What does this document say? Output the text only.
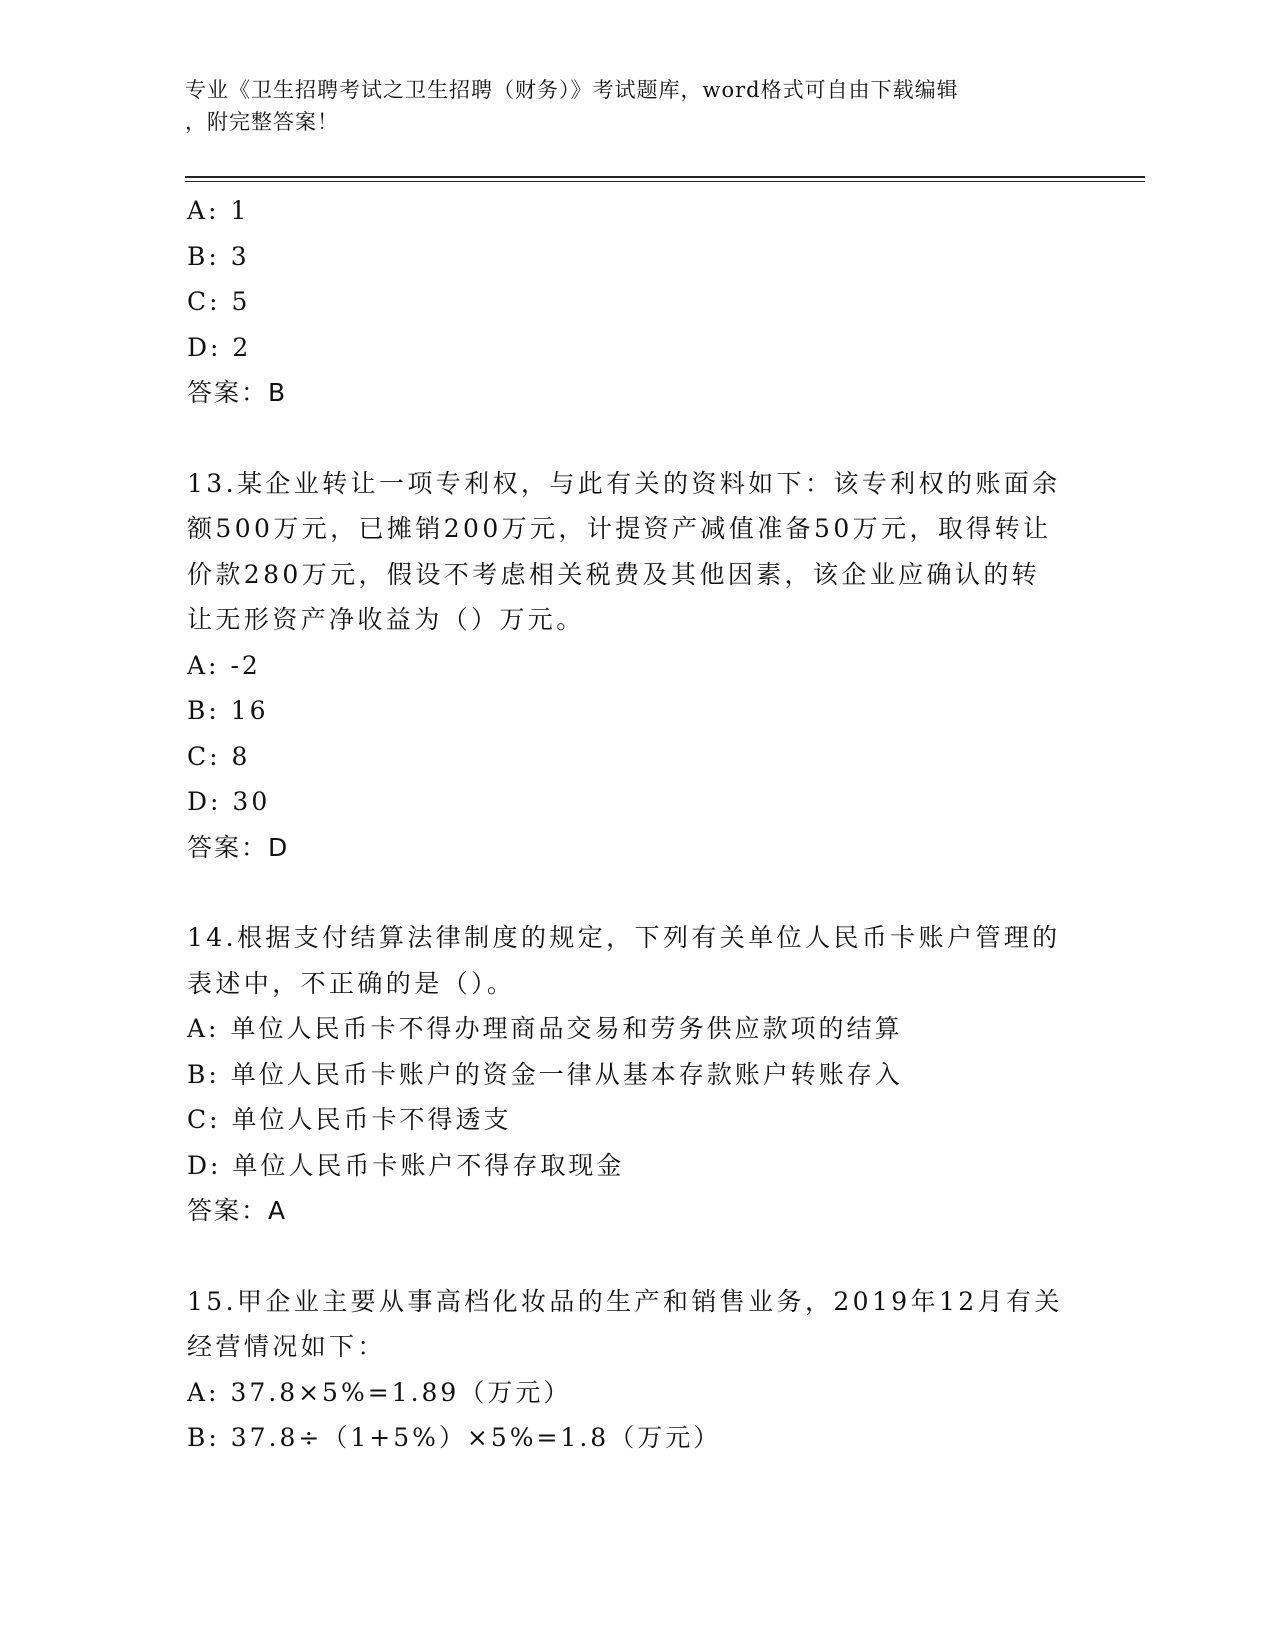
专业《卫生招聘考试之卫生招聘（财务）》考试题库，word格式可自由下载编辑
，附完整答案！
A: 1
B: 3
C: 5
D: 2
答案：B
13.某企业转让一项专利权，与此有关的资料如下：该专利权的账面余
额500万元，已摊销200万元，计提资产减值准备50万元，取得转让
价款280万元，假设不考虑相关税费及其他因素，该企业应确认的转
让无形资产净收益为（）万元。
A: -2
B: 16
C: 8
D: 30
答案：D
14.根据支付结算法律制度的规定，下列有关单位人民币卡账户管理的
表述中，不正确的是（）。
A: 单位人民币卡不得办理商品交易和劳务供应款项的结算
B: 单位人民币卡账户的资金一律从基本存款账户转账存入
C: 单位人民币卡不得透支
D: 单位人民币卡账户不得存取现金
答案：A
15.甲企业主要从事高档化妆品的生产和销售业务，2019年12月有关
经营情况如下：
A: 37.8×5%=1.89（万元）
B: 37.8÷（1+5%）×5%=1.8（万元）
